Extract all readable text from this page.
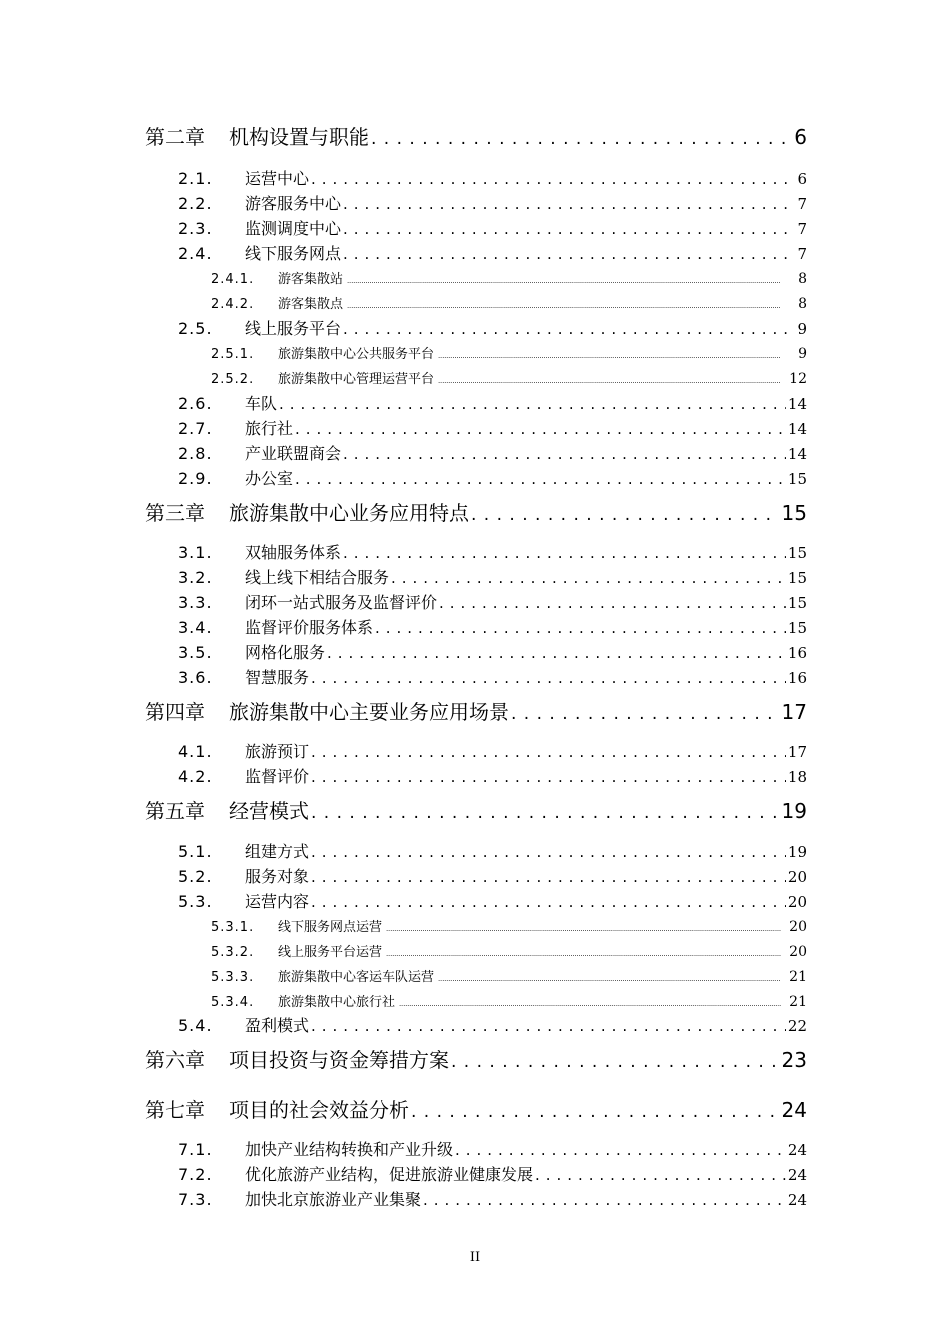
第二章	机构设置与职能 . . .	6
2.1.	运营中心 . . .	6
2.2.	游客服务中心 . . .	7
2.3.	监测调度中心 . . .	7
2.4.	线下服务网点 . . .	7
2.4.1.	游客集散站 .....	8
2.4.2.	游客集散点 .....	8
2.5.	线上服务平台 . . .	9
2.5.1.	旅游集散中心公共服务平台 .....	9
2.5.2.	旅游集散中心管理运营平台 .....	12
2.6.	车队 . . .	14
2.7.	旅行社 . . .	14
2.8.	产业联盟商会 . . .	14
2.9.	办公室 . . .	15
第三章	旅游集散中心业务应用特点 . . .	15
3.1.	双轴服务体系 . . .	15
3.2.	线上线下相结合服务 . . .	15
3.3.	闭环一站式服务及监督评价 . . .	15
3.4.	监督评价服务体系 . . .	15
3.5.	网格化服务 . . .	16
3.6.	智慧服务 . . .	16
第四章	旅游集散中心主要业务应用场景 . . .	17
4.1.	旅游预订 . . .	17
4.2.	监督评价 . . .	18
第五章	经营模式 . . .	19
5.1.	组建方式 . . .	19
5.2.	服务对象 . . .	20
5.3.	运营内容 . . .	20
5.3.1.	线下服务网点运营 .....	20
5.3.2.	线上服务平台运营 .....	20
5.3.3.	旅游集散中心客运车队运营 .....	21
5.3.4.	旅游集散中心旅行社 .....	21
5.4.	盈利模式 . . .	22
第六章	项目投资与资金筹措方案 . . .	23
第七章	项目的社会效益分析 . . .	24
7.1.	加快产业结构转换和产业升级 . . .	24
7.2.	优化旅游产业结构，促进旅游业健康发展 . . .	24
7.3.	加快北京旅游业产业集聚 . . .	24
II
